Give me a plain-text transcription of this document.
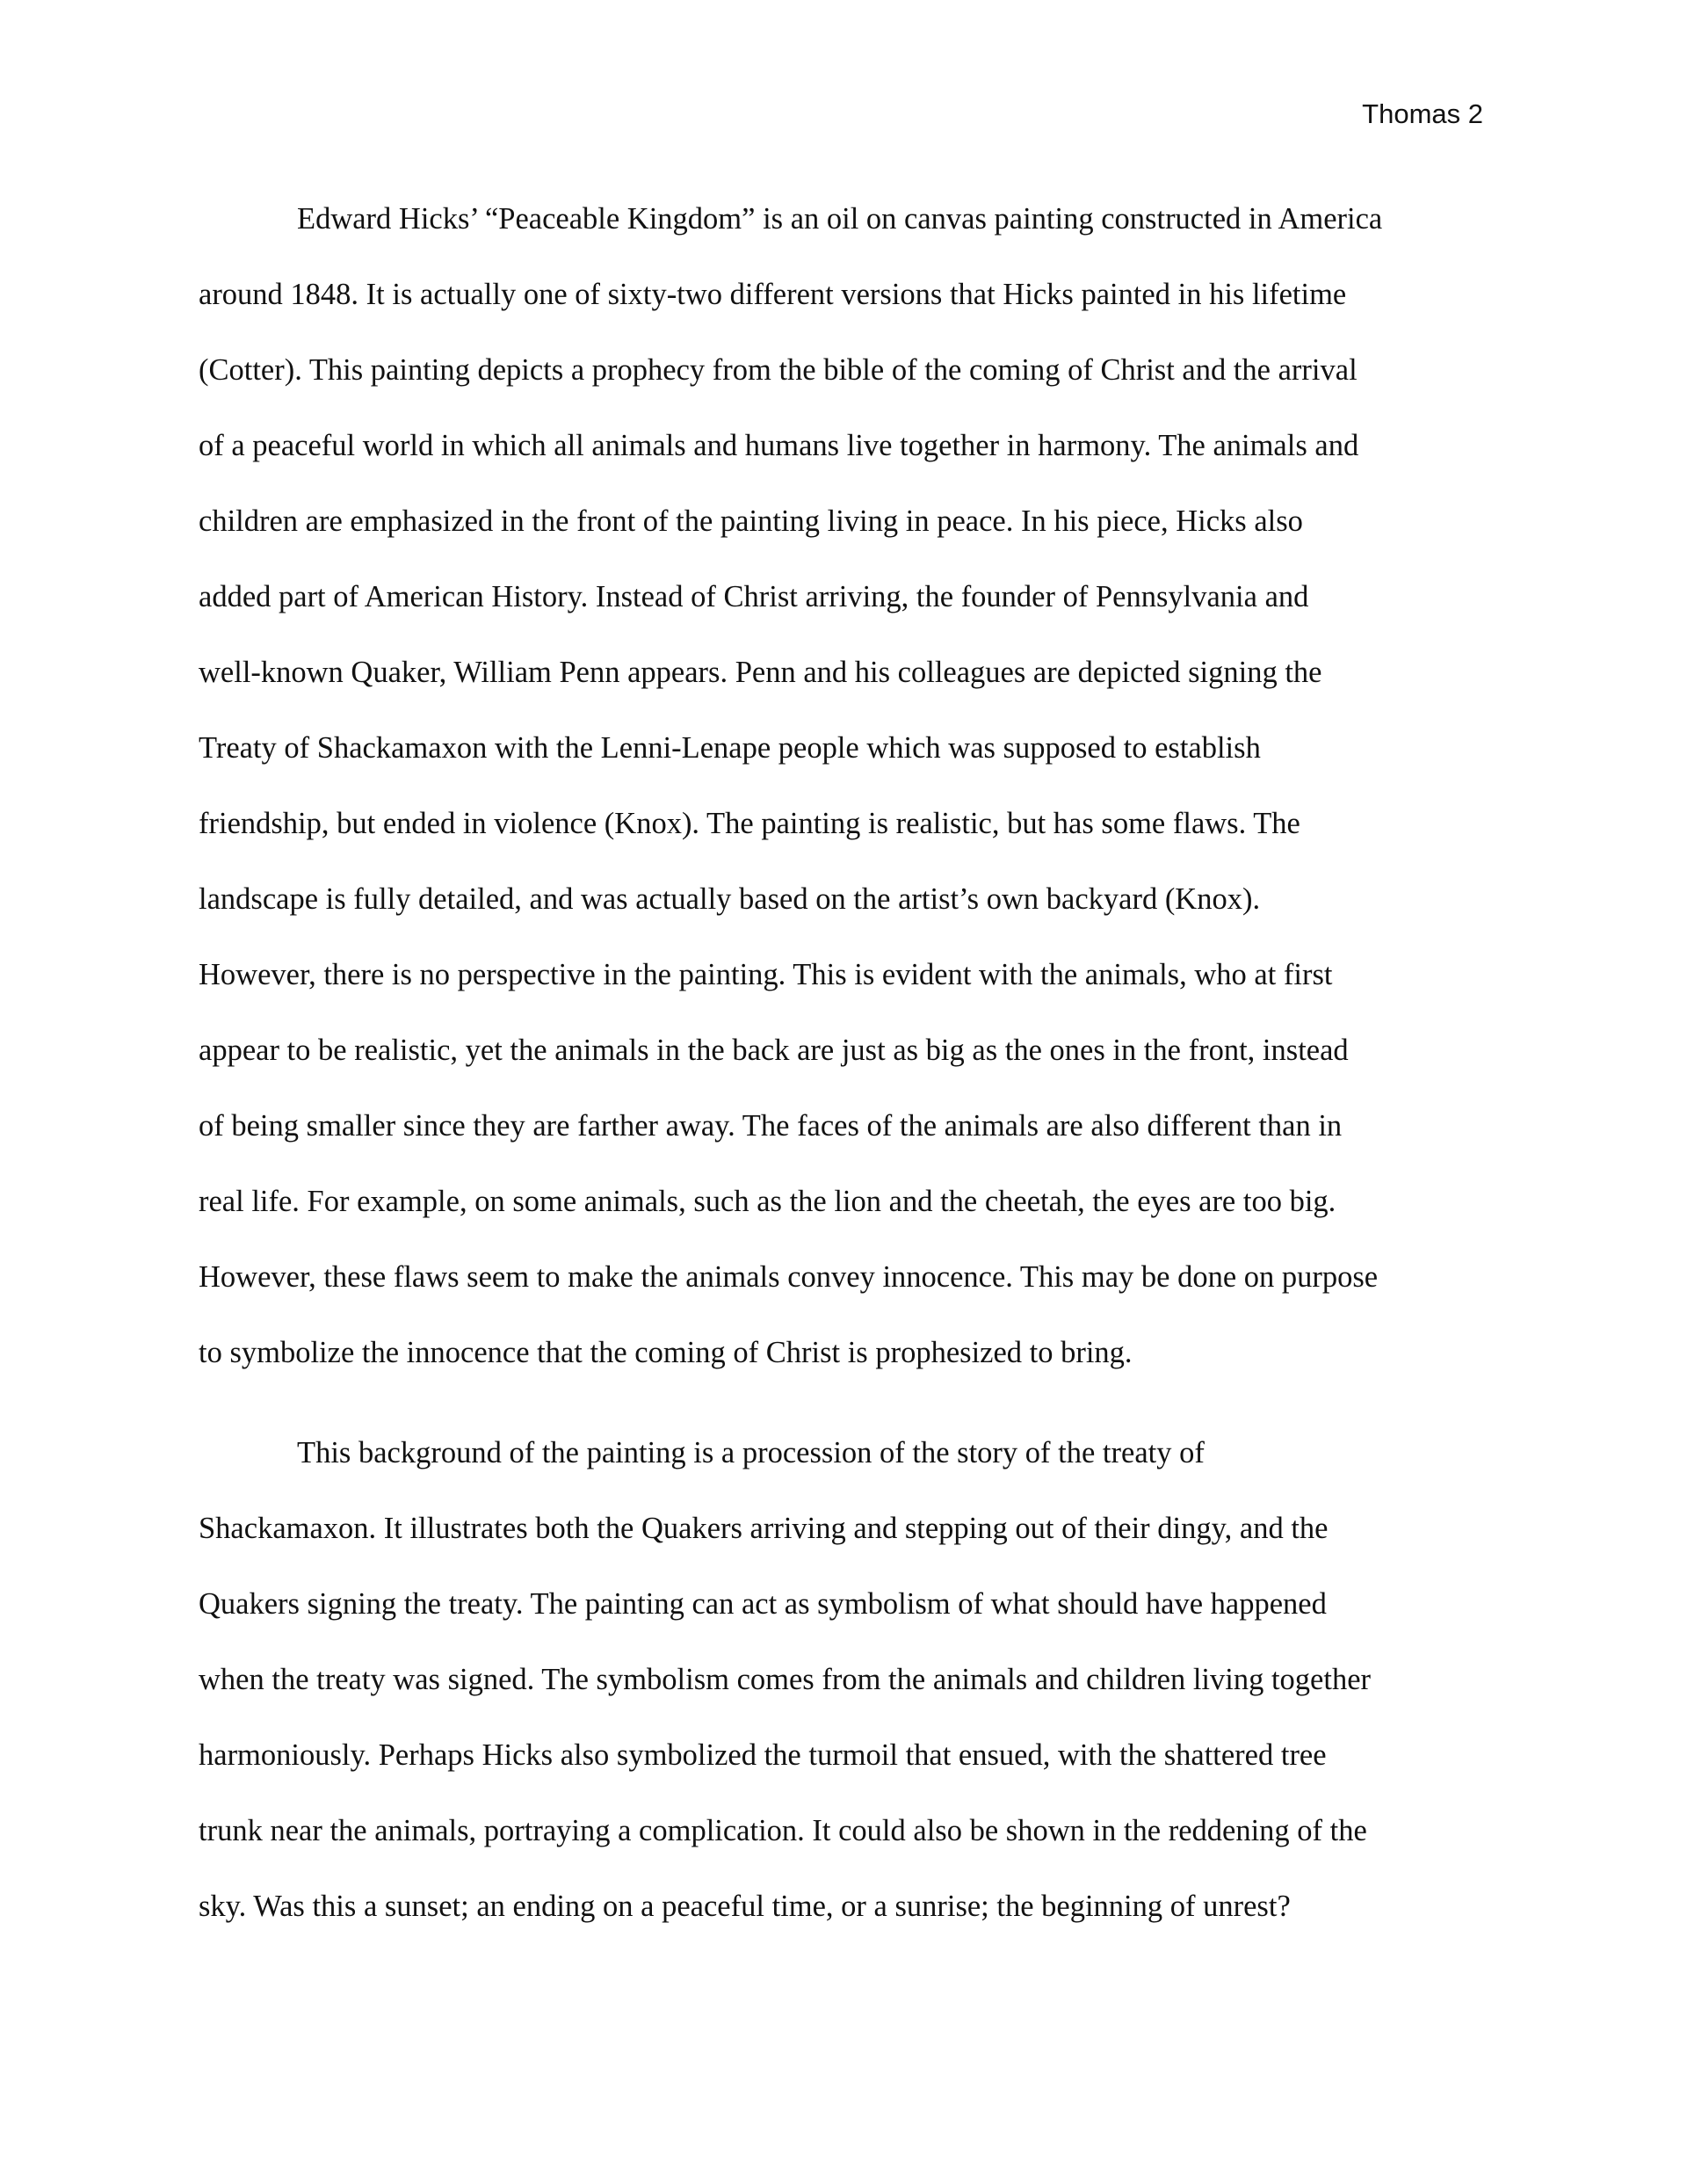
Thomas 2
Edward Hicks’ “Peaceable Kingdom” is an oil on canvas painting constructed in America
around 1848. It is actually one of sixty-two different versions that Hicks painted in his lifetime
(Cotter). This painting depicts a prophecy from the bible of the coming of Christ and the arrival
of a peaceful world in which all animals and humans live together in harmony. The animals and
children are emphasized in the front of the painting living in peace. In his piece, Hicks also
added part of American History. Instead of Christ arriving, the founder of Pennsylvania and
well-known Quaker, William Penn appears. Penn and his colleagues are depicted signing the
Treaty of Shackamaxon with the Lenni-Lenape people which was supposed to establish
friendship, but ended in violence (Knox). The painting is realistic, but has some flaws. The
landscape is fully detailed, and was actually based on the artist’s own backyard (Knox).
However, there is no perspective in the painting. This is evident with the animals, who at first
appear to be realistic, yet the animals in the back are just as big as the ones in the front, instead
of being smaller since they are farther away. The faces of the animals are also different than in
real life. For example, on some animals, such as the lion and the cheetah, the eyes are too big.
However, these flaws seem to make the animals convey innocence. This may be done on purpose
to symbolize the innocence that the coming of Christ is prophesized to bring.
This background of the painting is a procession of the story of the treaty of
Shackamaxon. It illustrates both the Quakers arriving and stepping out of their dingy, and the
Quakers signing the treaty. The painting can act as symbolism of what should have happened
when the treaty was signed. The symbolism comes from the animals and children living together
harmoniously. Perhaps Hicks also symbolized the turmoil that ensued, with the shattered tree
trunk near the animals, portraying a complication. It could also be shown in the reddening of the
sky. Was this a sunset; an ending on a peaceful time, or a sunrise; the beginning of unrest?
